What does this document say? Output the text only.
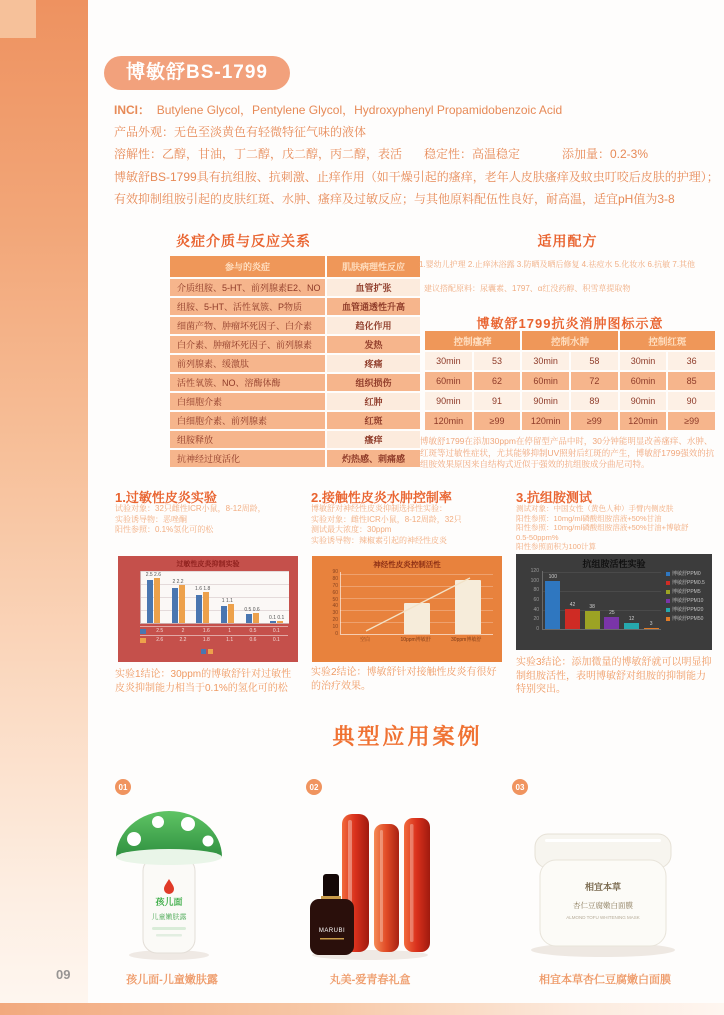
博敏舒BS-1799
INCI： Butylene Glycol，Pentylene Glycol，Hydroxyphenyl Propamidobenzoic Acid
产品外观：无色至淡黄色有轻微特征气味的液体
溶解性：乙醇，甘油，丁二醇，戊二醇，丙二醇，表活 稳定性：高温稳定	添加量：0.2-3%
博敏舒BS-1799具有抗组胺、抗刺激、止痒作用（如干燥引起的瘙痒，老年人皮肤瘙痒及蚊虫叮咬后皮肤的护理）；
有效抑制组胺引起的皮肤红斑、水肿、瘙痒及过敏反应；与其他原料配伍性良好，耐高温，适宜pH值为3-8
炎症介质与反应关系
参与的炎症	肌肤病理性反应
介质组胺、5-HT、前列腺素E2、NO	血管扩张
组胺、5-HT、活性氧簇、P物质	血管通透性升高
细菌产物、肿瘤坏死因子、白介素	趋化作用
白介素、肿瘤坏死因子、前列腺素	发热
前列腺素、缓激肽	疼痛
活性氧簇、NO、溶酶体酶	组织损伤
白细胞介素	红肿
白细胞介素、前列腺素	红斑
组胺释放	瘙痒
抗神经过度活化	灼热感、刺痛感
适用配方
1.婴幼儿护理 2.止痒沐浴露 3.防晒及晒后修复 4.祛痘水 5.化妆水 6.抗敏 7.其他
建议搭配原料：尿囊素、1797、α红没药醇、积雪草提取物
博敏舒1799抗炎消肿图标示意
控制瘙痒	控制水肿	控制红斑
30min	53	30min	58	30min	36
60min	62	60min	72	60min	85
90min	91	90min	89	90min	90
120min	≥99	120min	≥99	120min	≥99
博敏舒1799在添加30ppm在停留型产品中时，30分钟能明显改善瘙痒、水肿、红斑等过敏性症状，尤其能够抑制UV照射后红斑的产生，博敏舒1799强效的抗组胺效果原因来自结构式近似于强效的抗组胺成分曲尼司特。
1.过敏性皮炎实验	2.接触性皮炎水肿控制率	3.抗组胺测试
试验对象：32只雌性ICR小鼠，8-12周龄，
实验诱导物：恶唑酮
阳性参照：0.1%氢化可的松
博敏舒对神经性皮炎抑制选择性实验：
实验对象：雌性ICR小鼠，8-12周龄，32只
测试最大浓度：30ppm
实验诱导物：辣椒素引起的神经性皮炎
测试对象：中国女性（黄色人种）手臂内侧皮肤
阳性参照：10mg/ml磷酸组胺溶液+50%甘油
阳性参照：10mg/ml磷酸组胺溶液+50%甘油+博敏舒
0.5-50ppm%
阳性参照面积为100计算
过敏性皮炎抑制实验
2.5 2.6
2 2.2
1.6 1.8
1 1.1
0.5 0.6
0.1 0.1
2.5	2	1.6	1	0.5	0.1
2.6	2.2	1.8	1.1	0.6	0.1
神经性皮炎控制活性
0
10
20
30
40
50
60
70
80
90
空白	10ppm博敏舒	30ppm博敏舒
抗组胺活性实验
100
42	38
25
12
3
博敏舒PPM0
博敏舒PPM0.5
博敏舒PPM5
博敏舒PPM10
博敏舒PPM20
博敏舒PPM50
0
20
40
60
80
100
120
实验1结论：30ppm的博敏舒针对过敏性皮炎抑制能力相当于0.1%的氢化可的松
实验2结论：博敏舒针对接触性皮炎有很好的治疗效果。
实验3结论：添加微量的博敏舒就可以明显抑制组胺活性，表明博敏舒对组胺的抑制能力特别突出。
典型应用案例
01	02	03
孩儿面
儿童嫩肤露
MARUBI
相宜本草
杏仁豆腐嫩白面膜
ALMOND TOFU WHITENING MASK
孩儿面-儿童嫩肤露	丸美-爱青春礼盒	相宜本草杏仁豆腐嫩白面膜
09
